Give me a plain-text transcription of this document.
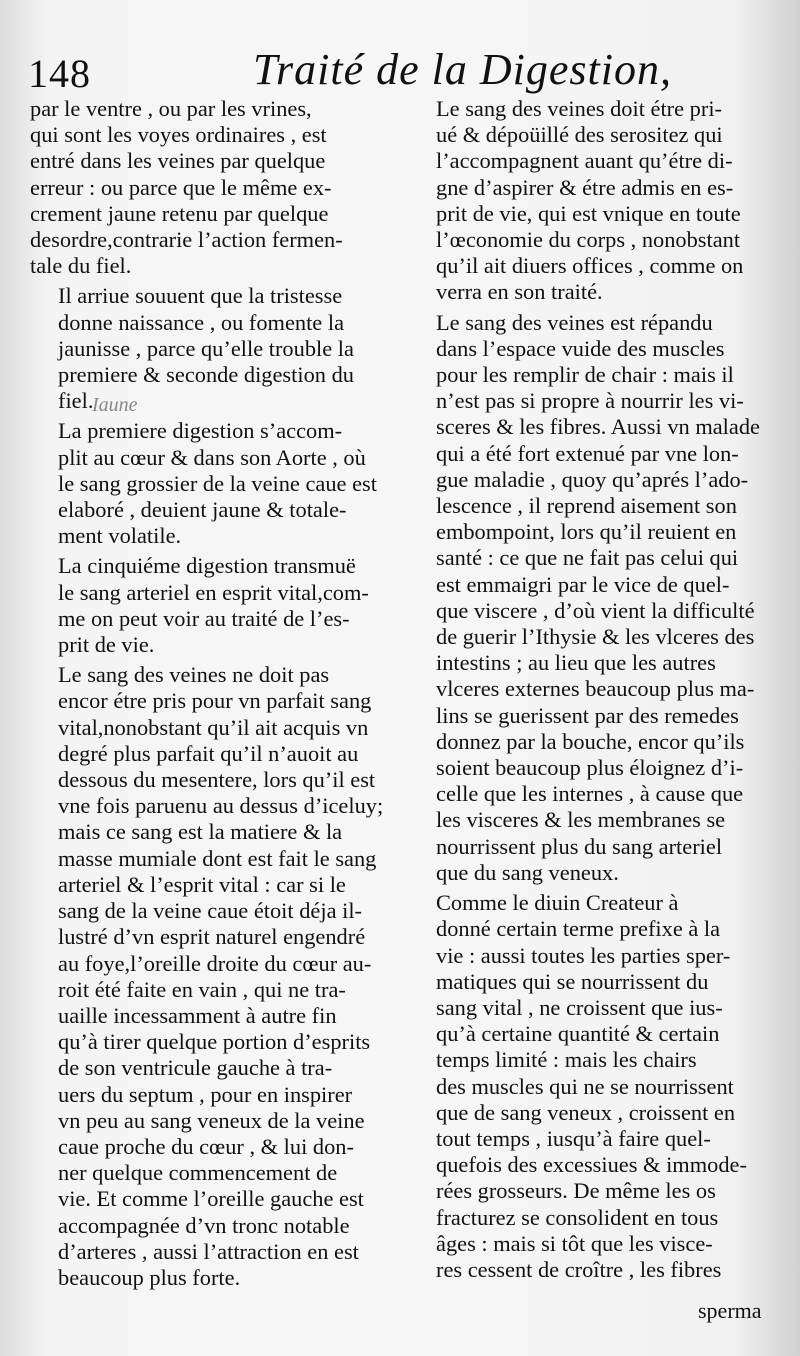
148	Traité de la Digestion,
Iaune

par le ventre , ou par les vrines,
qui sont les voyes ordinaires , est
entré dans les veines par quelque
erreur : ou parce que le même ex-
crement jaune retenu par quelque
desordre,contrarie l’action fermen-
tale du fiel.

Il arriue souuent que la tristesse
donne naissance , ou fomente la
jaunisse , parce qu’elle trouble la
premiere & seconde digestion du
fiel.

La premiere digestion s’accom-
plit au cœur & dans son Aorte , où
le sang grossier de la veine caue est
elaboré , deuient jaune & totale-
ment volatile.

La cinquiéme digestion transmuë
le sang arteriel en esprit vital,com-
me on peut voir au traité de l’es-
prit de vie.

Le sang des veines ne doit pas
encor étre pris pour vn parfait sang
vital,nonobstant qu’il ait acquis vn
degré plus parfait qu’il n’auoit au
dessous du mesentere, lors qu’il est
vne fois paruenu au dessus d’iceluy;
mais ce sang est la matiere & la
masse mumiale dont est fait le sang
arteriel & l’esprit vital : car si le
sang de la veine caue étoit déja il-
lustré d’vn esprit naturel engendré
au foye,l’oreille droite du cœur au-
roit été faite en vain , qui ne tra-
uaille incessamment à autre fin
qu’à tirer quelque portion d’esprits
de son ventricule gauche à tra-
uers du septum , pour en inspirer
vn peu au sang veneux de la veine
caue proche du cœur , & lui don-
ner quelque commencement de
vie. Et comme l’oreille gauche est
accompagnée d’vn tronc notable
d’arteres , aussi l’attraction en est
beaucoup plus forte.

Le sang des veines doit étre pri-
ué & dépoüillé des serositez qui
l’accompagnent auant qu’étre di-
gne d’aspirer & étre admis en es-
prit de vie, qui est vnique en toute
l’œconomie du corps , nonobstant
qu’il ait diuers offices , comme on
verra en son traité.

Le sang des veines est répandu
dans l’espace vuide des muscles
pour les remplir de chair : mais il
n’est pas si propre à nourrir les vi-
sceres & les fibres. Aussi vn malade
qui a été fort extenué par vne lon-
gue maladie , quoy qu’aprés l’ado-
lescence , il reprend aisement son
embompoint, lors qu’il reuient en
santé : ce que ne fait pas celui qui
est emmaigri par le vice de quel-
que viscere , d’où vient la difficulté
de guerir l’Ithysie & les vlceres des
intestins ; au lieu que les autres
vlceres externes beaucoup plus ma-
lins se guerissent par des remedes
donnez par la bouche, encor qu’ils
soient beaucoup plus éloignez d’i-
celle que les internes , à cause que
les visceres & les membranes se
nourrissent plus du sang arteriel
que du sang veneux.

Comme le diuin Createur à
donné certain terme prefixe à la
vie : aussi toutes les parties sper-
matiques qui se nourrissent du
sang vital , ne croissent que ius-
qu’à certaine quantité & certain
temps limité : mais les chairs
des muscles qui ne se nourrissent
que de sang veneux , croissent en
tout temps , iusqu’à faire quel-
quefois des excessiues & immode-
rées grosseurs. De même les os
fracturez se consolident en tous
âges : mais si tôt que les visce-
res cessent de croître , les fibres

sperma
